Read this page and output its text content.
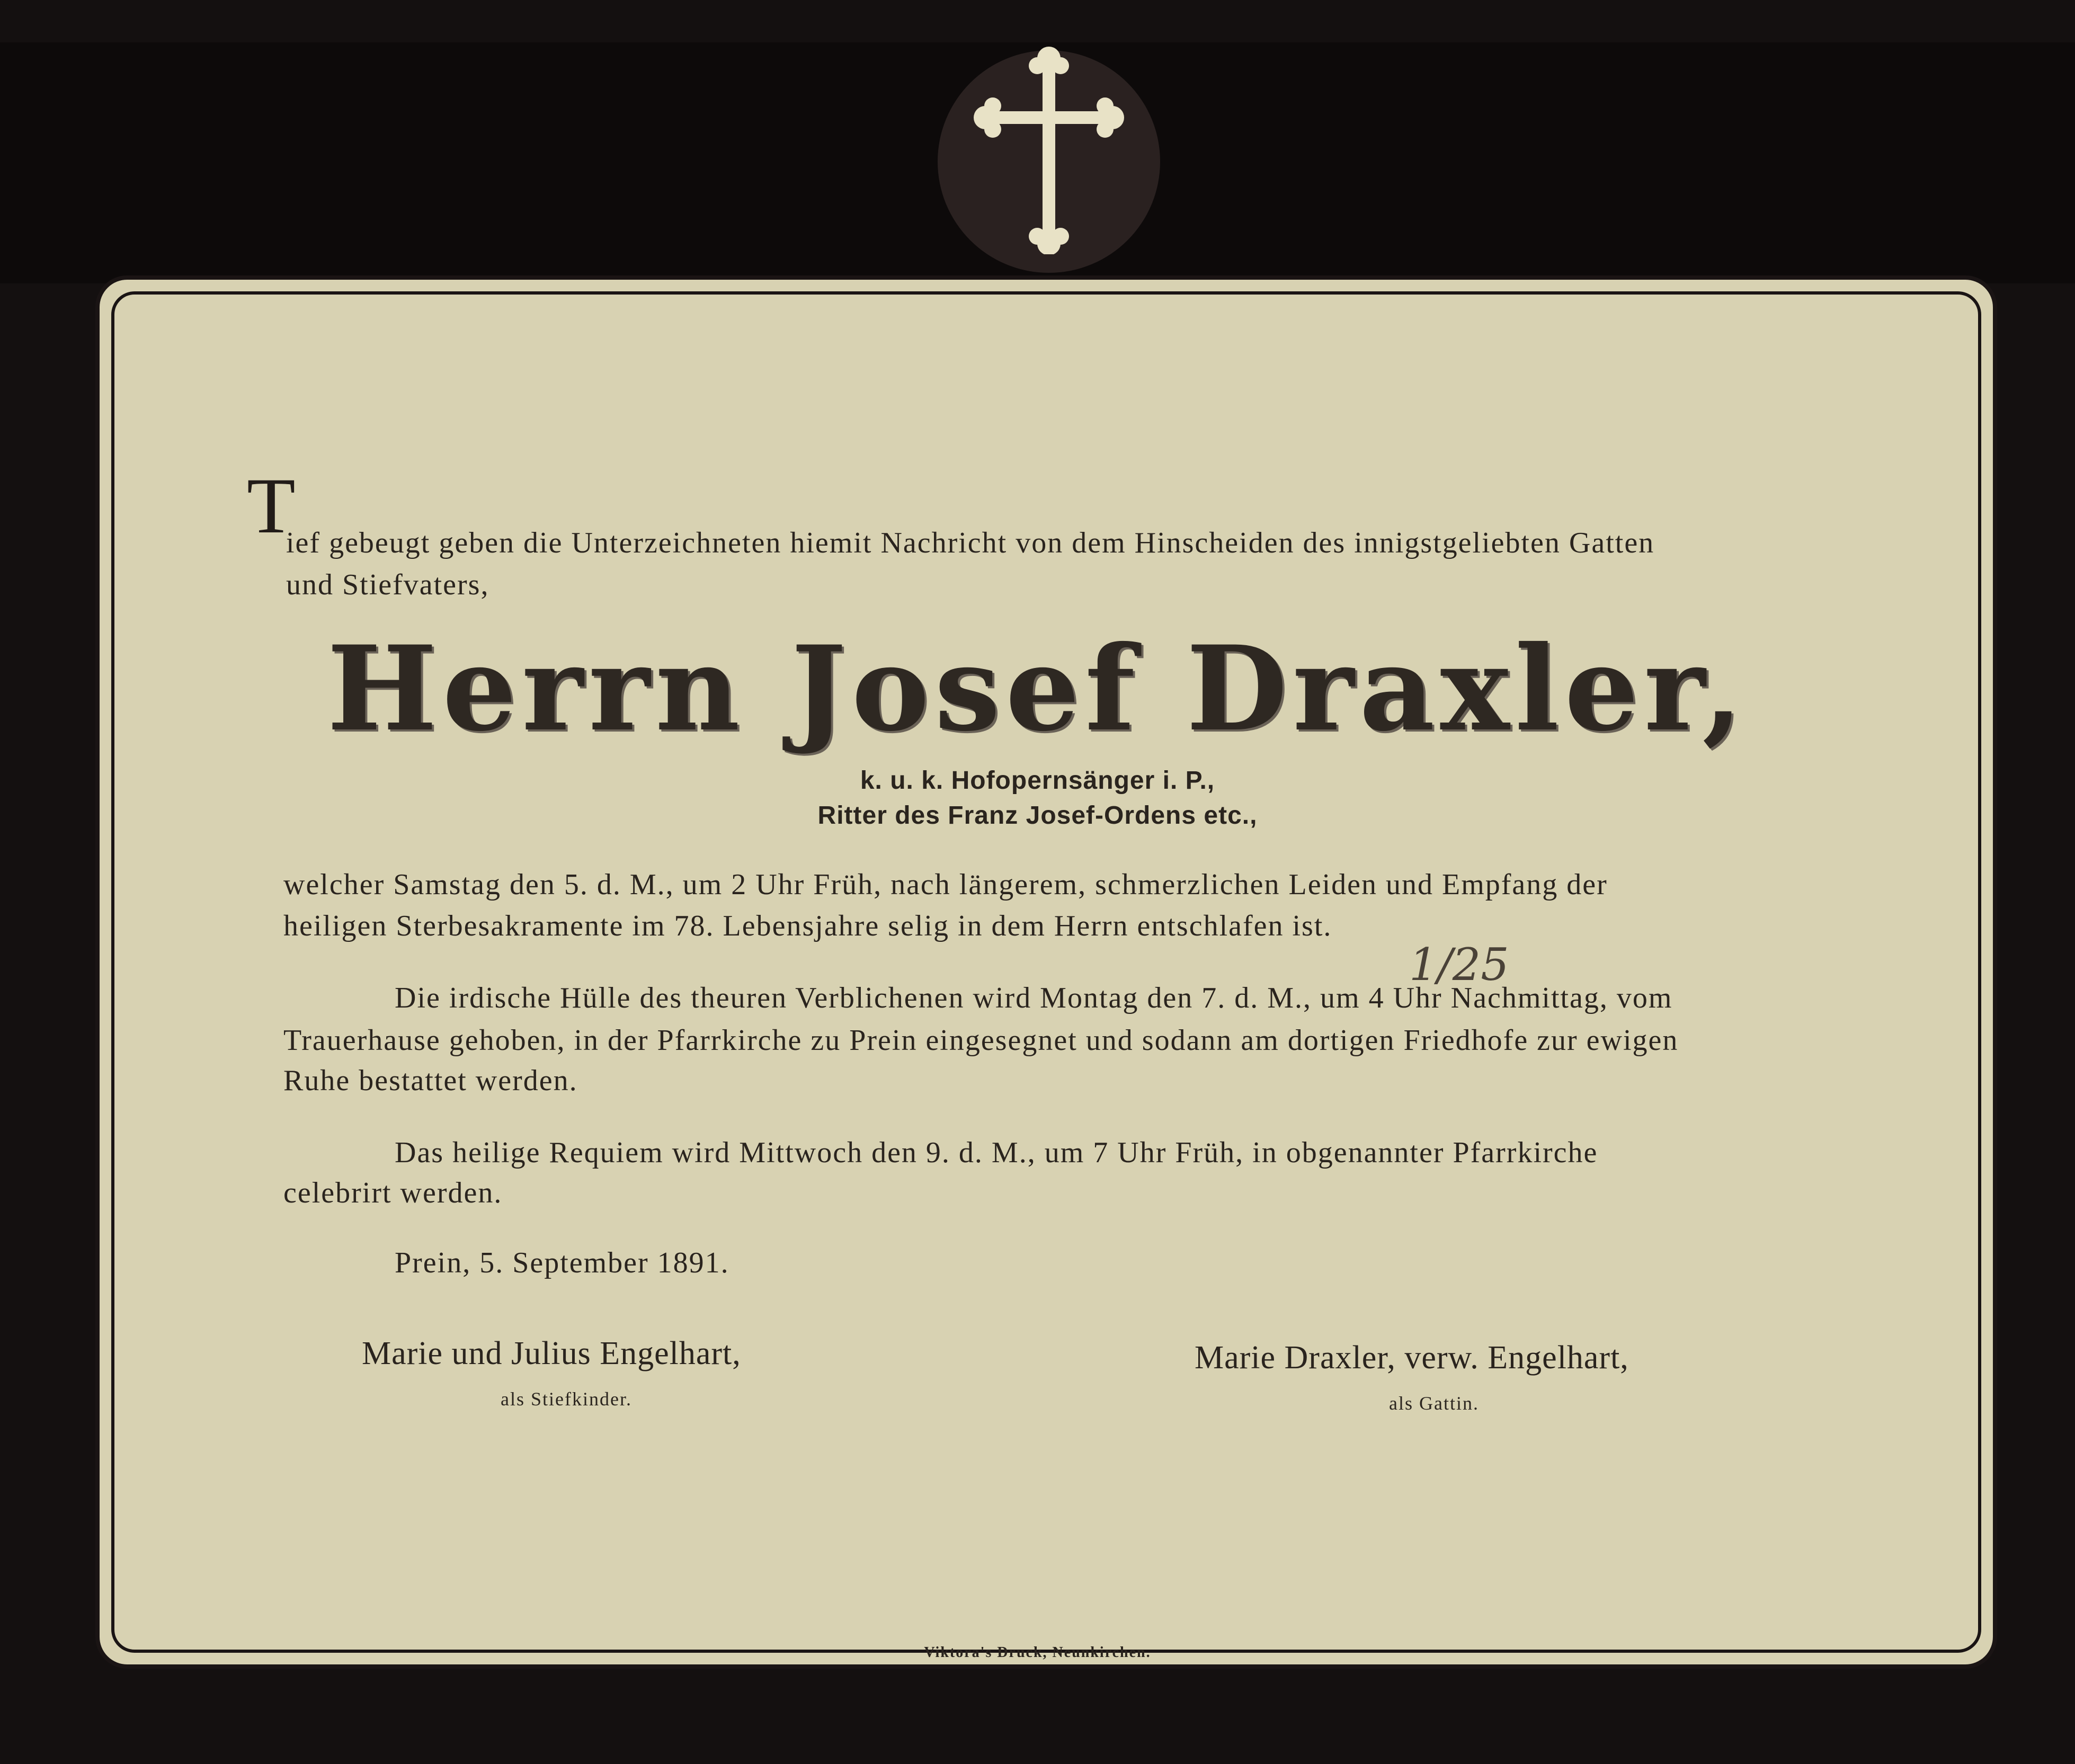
T
ief gebeugt geben die Unterzeichneten hiemit Nachricht von dem Hinscheiden des innigstgeliebten Gatten
und Stiefvaters,
Herrn Josef Draxler,
k. u. k. Hofopernsänger i. P.,
Ritter des Franz Josef-Ordens etc.,
welcher Samstag den 5. d. M., um 2 Uhr Früh, nach längerem, schmerzlichen Leiden und Empfang der
heiligen Sterbesakramente im 78. Lebensjahre selig in dem Herrn entschlafen ist.
1/25
Die irdische Hülle des theuren Verblichenen wird Montag den 7. d. M., um 4 Uhr Nachmittag, vom
Trauerhause gehoben, in der Pfarrkirche zu Prein eingesegnet und sodann am dortigen Friedhofe zur ewigen
Ruhe bestattet werden.
Das heilige Requiem wird Mittwoch den 9. d. M., um 7 Uhr Früh, in obgenannter Pfarrkirche
celebrirt werden.
Prein, 5. September 1891.
Marie und Julius Engelhart,
als Stiefkinder.
Marie Draxler, verw. Engelhart,
als Gattin.
Viktora's Druck, Neunkirchen.
